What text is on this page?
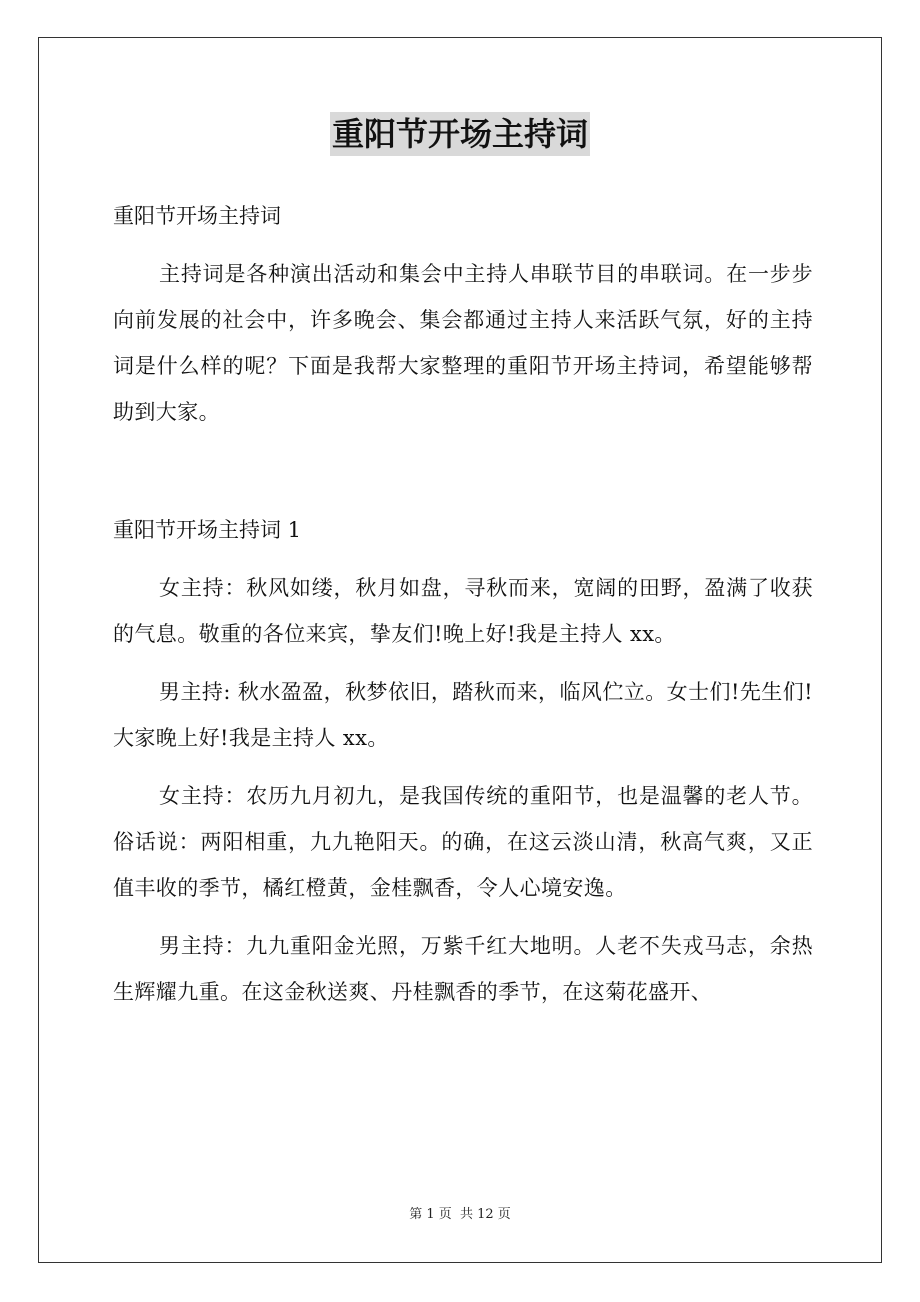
重阳节开场主持词

重阳节开场主持词

主持词是各种演出活动和集会中主持人串联节目的串联词。在一步步向前发展的社会中，许多晚会、集会都通过主持人来活跃气氛，好的主持词是什么样的呢？下面是我帮大家整理的重阳节开场主持词，希望能够帮助到大家。

重阳节开场主持词 1

女主持：秋风如缕，秋月如盘，寻秋而来，宽阔的田野，盈满了收获的气息。敬重的各位来宾，挚友们!晚上好!我是主持人 xx。

男主持: 秋水盈盈，秋梦依旧，踏秋而来，临风伫立。女士们!先生们!大家晚上好!我是主持人 xx。

女主持：农历九月初九，是我国传统的重阳节，也是温馨的老人节。俗话说：两阳相重，九九艳阳天。的确，在这云淡山清，秋高气爽，又正值丰收的季节，橘红橙黄，金桂飘香，令人心境安逸。

男主持：九九重阳金光照，万紫千红大地明。人老不失戎马志，余热生辉耀九重。在这金秋送爽、丹桂飘香的季节，在这菊花盛开、

第 1 页 共 12 页
